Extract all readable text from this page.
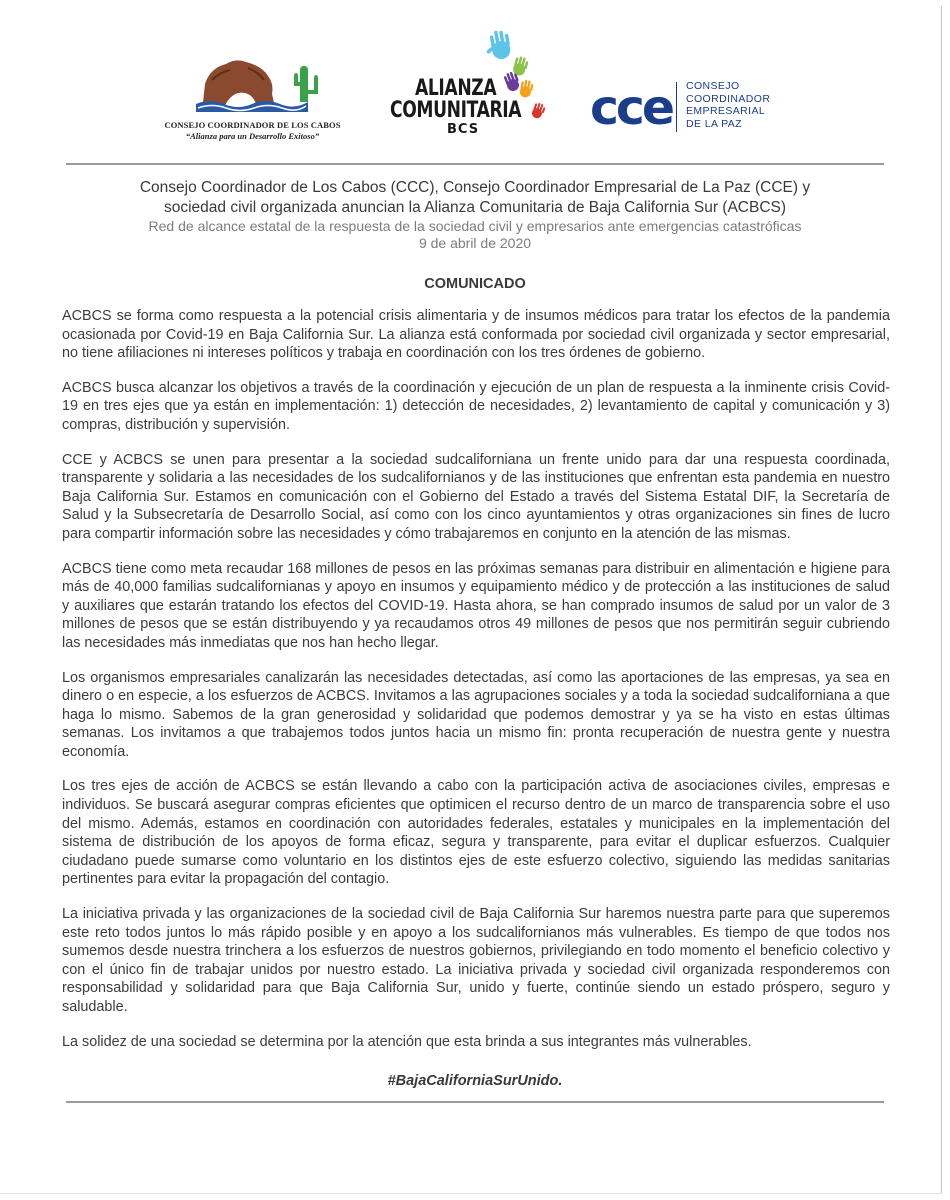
CONSEJO COORDINADOR DE LOS CABOS
“Alianza para un Desarrollo Exitoso”
ALIANZA
COMUNITARIA
BCS cce CONSEJO
COORDINADOR
EMPRESARIAL
DE LA PAZ

Consejo Coordinador de Los Cabos (CCC), Consejo Coordinador Empresarial de La Paz (CCE) y

sociedad civil organizada anuncian la Alianza Comunitaria de Baja California Sur (ACBCS)

Red de alcance estatal de la respuesta de la sociedad civil y empresarios ante emergencias catastróficas

9 de abril de 2020

COMUNICADO

ACBCS se forma como respuesta a la potencial crisis alimentaria y de insumos médicos para tratar los efectos de la pandemia ocasionada por Covid-19 en Baja California Sur. La alianza está conformada por sociedad civil organizada y sector empresarial, no tiene afiliaciones ni intereses políticos y trabaja en coordinación con los tres órdenes de gobierno.

ACBCS busca alcanzar los objetivos a través de la coordinación y ejecución de un plan de respuesta a la inminente crisis Covid-19 en tres ejes que ya están en implementación: 1) detección de necesidades, 2) levantamiento de capital y comunicación y 3) compras, distribución y supervisión.

CCE y ACBCS se unen para presentar a la sociedad sudcaliforniana un frente unido para dar una respuesta coordinada, transparente y solidaria a las necesidades de los sudcalifornianos y de las instituciones que enfrentan esta pandemia en nuestro Baja California Sur. Estamos en comunicación con el Gobierno del Estado a través del Sistema Estatal DIF, la Secretaría de Salud y la Subsecretaría de Desarrollo Social, así como con los cinco ayuntamientos y otras organizaciones sin fines de lucro para compartir información sobre las necesidades y cómo trabajaremos en conjunto en la atención de las mismas.

ACBCS tiene como meta recaudar 168 millones de pesos en las próximas semanas para distribuir en alimentación e higiene para más de 40,000 familias sudcalifornianas y apoyo en insumos y equipamiento médico y de protección a las instituciones de salud y auxiliares que estarán tratando los efectos del COVID-19. Hasta ahora, se han comprado insumos de salud por un valor de 3 millones de pesos que se están distribuyendo y ya recaudamos otros 49 millones de pesos que nos permitirán seguir cubriendo las necesidades más inmediatas que nos han hecho llegar.

Los organismos empresariales canalizarán las necesidades detectadas, así como las aportaciones de las empresas, ya sea en dinero o en especie, a los esfuerzos de ACBCS. Invitamos a las agrupaciones sociales y a toda la sociedad sudcaliforniana a que haga lo mismo. Sabemos de la gran generosidad y solidaridad que podemos demostrar y ya se ha visto en estas últimas semanas. Los invitamos a que trabajemos todos juntos hacia un mismo fin: pronta recuperación de nuestra gente y nuestra economía.

Los tres ejes de acción de ACBCS se están llevando a cabo con la participación activa de asociaciones civiles, empresas e individuos. Se buscará asegurar compras eficientes que optimicen el recurso dentro de un marco de transparencia sobre el uso del mismo. Además, estamos en coordinación con autoridades federales, estatales y municipales en la implementación del sistema de distribución de los apoyos de forma eficaz, segura y transparente, para evitar el duplicar esfuerzos. Cualquier ciudadano puede sumarse como voluntario en los distintos ejes de este esfuerzo colectivo, siguiendo las medidas sanitarias pertinentes para evitar la propagación del contagio.

La iniciativa privada y las organizaciones de la sociedad civil de Baja California Sur haremos nuestra parte para que superemos este reto todos juntos lo más rápido posible y en apoyo a los sudcalifornianos más vulnerables. Es tiempo de que todos nos sumemos desde nuestra trinchera a los esfuerzos de nuestros gobiernos, privilegiando en todo momento el beneficio colectivo y con el único fin de trabajar unidos por nuestro estado. La iniciativa privada y sociedad civil organizada responderemos con responsabilidad y solidaridad para que Baja California Sur, unido y fuerte, continúe siendo un estado próspero, seguro y saludable.

La solidez de una sociedad se determina por la atención que esta brinda a sus integrantes más vulnerables.

#BajaCaliforniaSurUnido.
